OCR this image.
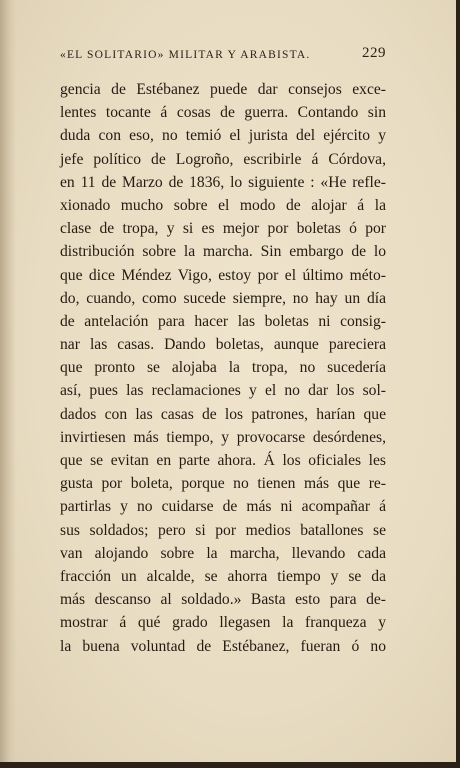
«EL SOLITARIO» MILITAR Y ARABISTA.	229
gencia de Estébanez puede dar consejos exce-
lentes tocante á cosas de guerra. Contando sin
duda con eso, no temió el jurista del ejército y
jefe político de Logroño, escribirle á Córdova,
en 11 de Marzo de 1836, lo siguiente : «He refle-
xionado mucho sobre el modo de alojar á la
clase de tropa, y si es mejor por boletas ó por
distribución sobre la marcha. Sin embargo de lo
que dice Méndez Vigo, estoy por el último méto-
do, cuando, como sucede siempre, no hay un día
de antelación para hacer las boletas ni consig-
nar las casas. Dando boletas, aunque pareciera
que pronto se alojaba la tropa, no sucedería
así, pues las reclamaciones y el no dar los sol-
dados con las casas de los patrones, harían que
invirtiesen más tiempo, y provocarse desórdenes,
que se evitan en parte ahora. Á los oficiales les
gusta por boleta, porque no tienen más que re-
partirlas y no cuidarse de más ni acompañar á
sus soldados; pero si por medios batallones se
van alojando sobre la marcha, llevando cada
fracción un alcalde, se ahorra tiempo y se da
más descanso al soldado.» Basta esto para de-
mostrar á qué grado llegasen la franqueza y
la buena voluntad de Estébanez, fueran ó no
